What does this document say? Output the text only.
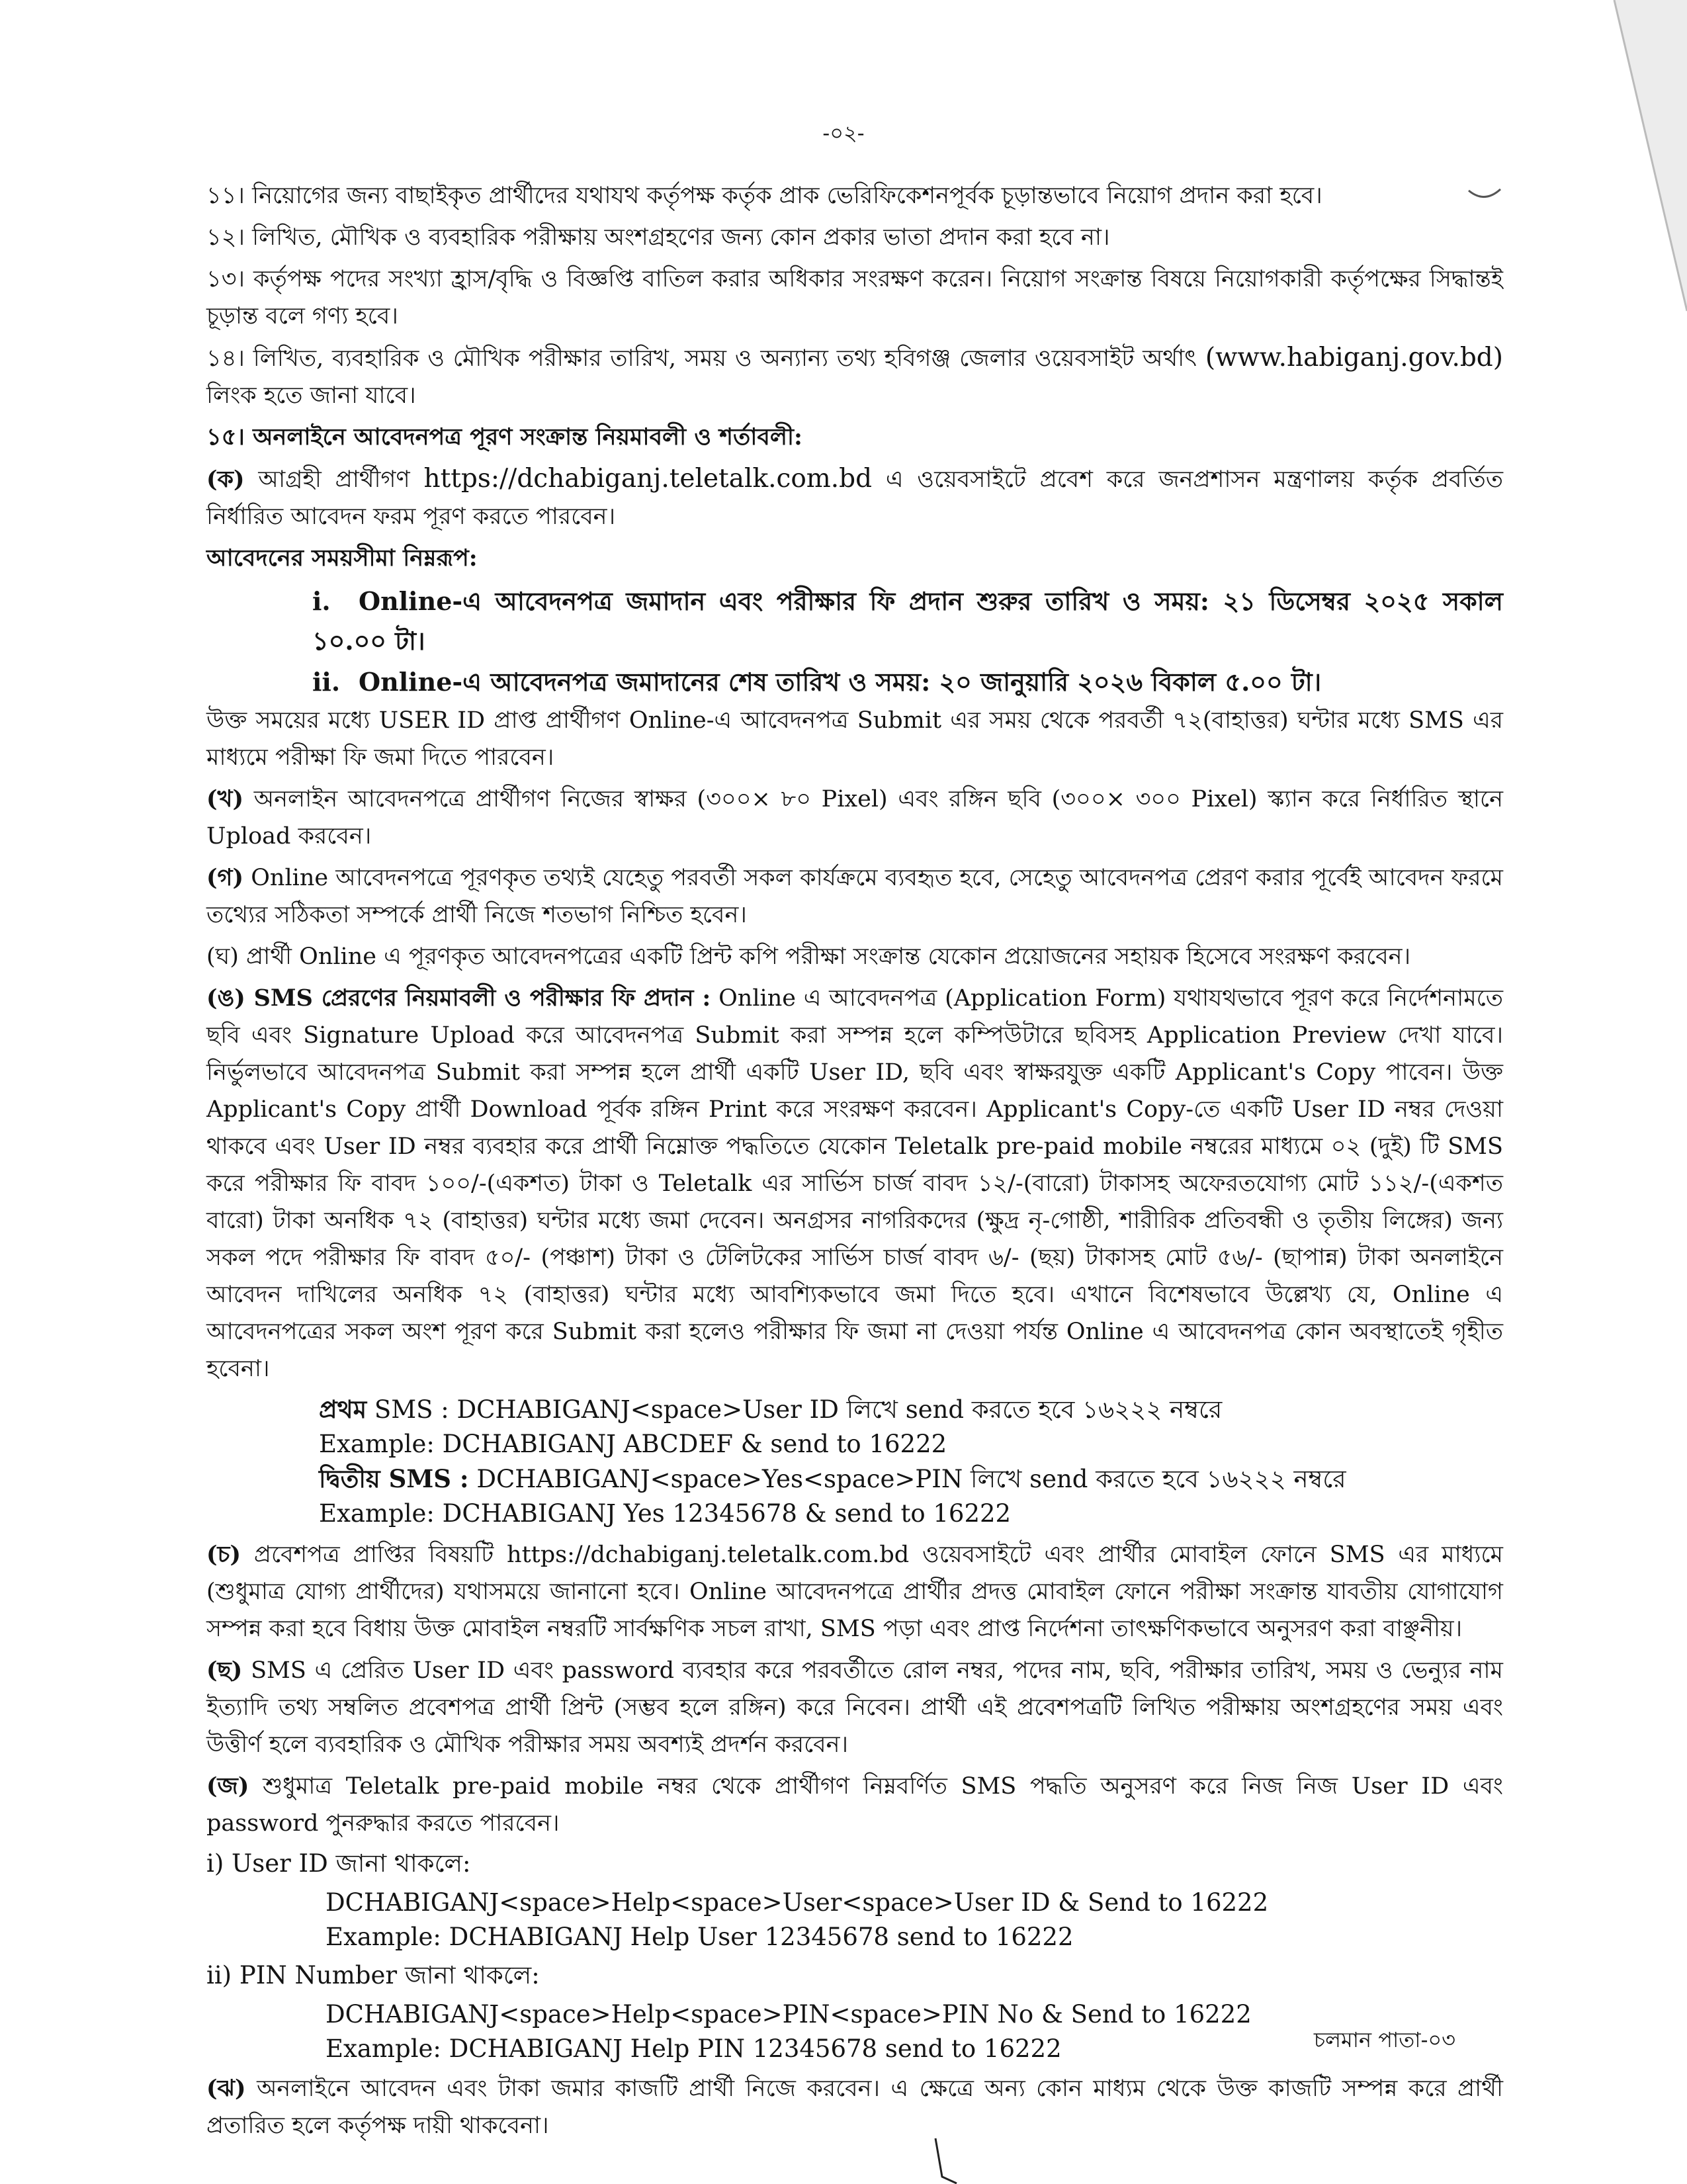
-০২-

১১। নিয়োগের জন্য বাছাইকৃত প্রার্থীদের যথাযথ কর্তৃপক্ষ কর্তৃক প্রাক ভেরিফিকেশনপূর্বক চূড়ান্তভাবে নিয়োগ প্রদান করা হবে।

১২। লিখিত, মৌখিক ও ব্যবহারিক পরীক্ষায় অংশগ্রহণের জন্য কোন প্রকার ভাতা প্রদান করা হবে না।

১৩। কর্তৃপক্ষ পদের সংখ্যা হ্রাস/বৃদ্ধি ও বিজ্ঞপ্তি বাতিল করার অধিকার সংরক্ষণ করেন। নিয়োগ সংক্রান্ত বিষয়ে নিয়োগকারী কর্তৃপক্ষের সিদ্ধান্তই চূড়ান্ত বলে গণ্য হবে।

১৪। লিখিত, ব্যবহারিক ও মৌখিক পরীক্ষার তারিখ, সময় ও অন্যান্য তথ্য হবিগঞ্জ জেলার ওয়েবসাইট অর্থাৎ (www.habiganj.gov.bd) লিংক হতে জানা যাবে।

১৫। অনলাইনে আবেদনপত্র পূরণ সংক্রান্ত নিয়মাবলী ও শর্তাবলী:

(ক) আগ্রহী প্রার্থীগণ https://dchabiganj.teletalk.com.bd এ ওয়েবসাইটে প্রবেশ করে জনপ্রশাসন মন্ত্রণালয় কর্তৃক প্রবর্তিত নির্ধারিত আবেদন ফরম পূরণ করতে পারবেন।

আবেদনের সময়সীমা নিম্নরূপ:

i. Online-এ আবেদনপত্র জমাদান এবং পরীক্ষার ফি প্রদান শুরুর তারিখ ও সময়: ২১ ডিসেম্বর ২০২৫ সকাল ১০.০০ টা।
ii. Online-এ আবেদনপত্র জমাদানের শেষ তারিখ ও সময়: ২০ জানুয়ারি ২০২৬ বিকাল ৫.০০ টা।

উক্ত সময়ের মধ্যে USER ID প্রাপ্ত প্রার্থীগণ Online-এ আবেদনপত্র Submit এর সময় থেকে পরবর্তী ৭২(বাহাত্তর) ঘন্টার মধ্যে SMS এর মাধ্যমে পরীক্ষা ফি জমা দিতে পারবেন।

(খ) অনলাইন আবেদনপত্রে প্রার্থীগণ নিজের স্বাক্ষর (৩০০× ৮০ Pixel) এবং রঙ্গিন ছবি (৩০০× ৩০০ Pixel) স্ক্যান করে নির্ধারিত স্থানে Upload করবেন।

(গ) Online আবেদনপত্রে পূরণকৃত তথ্যই যেহেতু পরবর্তী সকল কার্যক্রমে ব্যবহৃত হবে, সেহেতু আবেদনপত্র প্রেরণ করার পূর্বেই আবেদন ফরমে তথ্যের সঠিকতা সম্পর্কে প্রার্থী নিজে শতভাগ নিশ্চিত হবেন।

(ঘ) প্রার্থী Online এ পূরণকৃত আবেদনপত্রের একটি প্রিন্ট কপি পরীক্ষা সংক্রান্ত যেকোন প্রয়োজনের সহায়ক হিসেবে সংরক্ষণ করবেন।

(ঙ) SMS প্রেরণের নিয়মাবলী ও পরীক্ষার ফি প্রদান : Online এ আবেদনপত্র (Application Form) যথাযথভাবে পূরণ করে নির্দেশনামতে ছবি এবং Signature Upload করে আবেদনপত্র Submit করা সম্পন্ন হলে কম্পিউটারে ছবিসহ Application Preview দেখা যাবে। নির্ভুলভাবে আবেদনপত্র Submit করা সম্পন্ন হলে প্রার্থী একটি User ID, ছবি এবং স্বাক্ষরযুক্ত একটি Applicant's Copy পাবেন। উক্ত Applicant's Copy প্রার্থী Download পূর্বক রঙ্গিন Print করে সংরক্ষণ করবেন। Applicant's Copy-তে একটি User ID নম্বর দেওয়া থাকবে এবং User ID নম্বর ব্যবহার করে প্রার্থী নিম্নোক্ত পদ্ধতিতে যেকোন Teletalk pre-paid mobile নম্বরের মাধ্যমে ০২ (দুই) টি SMS করে পরীক্ষার ফি বাবদ ১০০/-(একশত) টাকা ও Teletalk এর সার্ভিস চার্জ বাবদ ১২/-(বারো) টাকাসহ অফেরতযোগ্য মোট ১১২/-(একশত বারো) টাকা অনধিক ৭২ (বাহাত্তর) ঘন্টার মধ্যে জমা দেবেন। অনগ্রসর নাগরিকদের (ক্ষুদ্র নৃ-গোষ্ঠী, শারীরিক প্রতিবন্ধী ও তৃতীয় লিঙ্গের) জন্য সকল পদে পরীক্ষার ফি বাবদ ৫০/- (পঞ্চাশ) টাকা ও টেলিটকের সার্ভিস চার্জ বাবদ ৬/- (ছয়) টাকাসহ মোট ৫৬/- (ছাপান্ন) টাকা অনলাইনে আবেদন দাখিলের অনধিক ৭২ (বাহাত্তর) ঘন্টার মধ্যে আবশ্যিকভাবে জমা দিতে হবে। এখানে বিশেষভাবে উল্লেখ্য যে, Online এ আবেদনপত্রের সকল অংশ পূরণ করে Submit করা হলেও পরীক্ষার ফি জমা না দেওয়া পর্যন্ত Online এ আবেদনপত্র কোন অবস্থাতেই গৃহীত হবেনা।

প্রথম SMS : DCHABIGANJ<space>User ID লিখে send করতে হবে ১৬২২২ নম্বরে
Example: DCHABIGANJ ABCDEF & send to 16222
দ্বিতীয় SMS : DCHABIGANJ<space>Yes<space>PIN লিখে send করতে হবে ১৬২২২ নম্বরে
Example: DCHABIGANJ Yes 12345678 & send to 16222

(চ) প্রবেশপত্র প্রাপ্তির বিষয়টি https://dchabiganj.teletalk.com.bd ওয়েবসাইটে এবং প্রার্থীর মোবাইল ফোনে SMS এর মাধ্যমে (শুধুমাত্র যোগ্য প্রার্থীদের) যথাসময়ে জানানো হবে। Online আবেদনপত্রে প্রার্থীর প্রদত্ত মোবাইল ফোনে পরীক্ষা সংক্রান্ত যাবতীয় যোগাযোগ সম্পন্ন করা হবে বিধায় উক্ত মোবাইল নম্বরটি সার্বক্ষণিক সচল রাখা, SMS পড়া এবং প্রাপ্ত নির্দেশনা তাৎক্ষণিকভাবে অনুসরণ করা বাঞ্ছনীয়।

(ছ) SMS এ প্রেরিত User ID এবং password ব্যবহার করে পরবর্তীতে রোল নম্বর, পদের নাম, ছবি, পরীক্ষার তারিখ, সময় ও ভেন্যুর নাম ইত্যাদি তথ্য সম্বলিত প্রবেশপত্র প্রার্থী প্রিন্ট (সম্ভব হলে রঙ্গিন) করে নিবেন। প্রার্থী এই প্রবেশপত্রটি লিখিত পরীক্ষায় অংশগ্রহণের সময় এবং উত্তীর্ণ হলে ব্যবহারিক ও মৌখিক পরীক্ষার সময় অবশ্যই প্রদর্শন করবেন।

(জ) শুধুমাত্র Teletalk pre-paid mobile নম্বর থেকে প্রার্থীগণ নিম্নবর্ণিত SMS পদ্ধতি অনুসরণ করে নিজ নিজ User ID এবং password পুনরুদ্ধার করতে পারবেন।

i) User ID জানা থাকলে:

DCHABIGANJ<space>Help<space>User<space>User ID & Send to 16222
Example: DCHABIGANJ Help User 12345678 send to 16222

ii) PIN Number জানা থাকলে:

DCHABIGANJ<space>Help<space>PIN<space>PIN No & Send to 16222
Example: DCHABIGANJ Help PIN 12345678 send to 16222

(ঝ) অনলাইনে আবেদন এবং টাকা জমার কাজটি প্রার্থী নিজে করবেন। এ ক্ষেত্রে অন্য কোন মাধ্যম থেকে উক্ত কাজটি সম্পন্ন করে প্রার্থী প্রতারিত হলে কর্তৃপক্ষ দায়ী থাকবেনা।

চলমান পাতা-০৩
